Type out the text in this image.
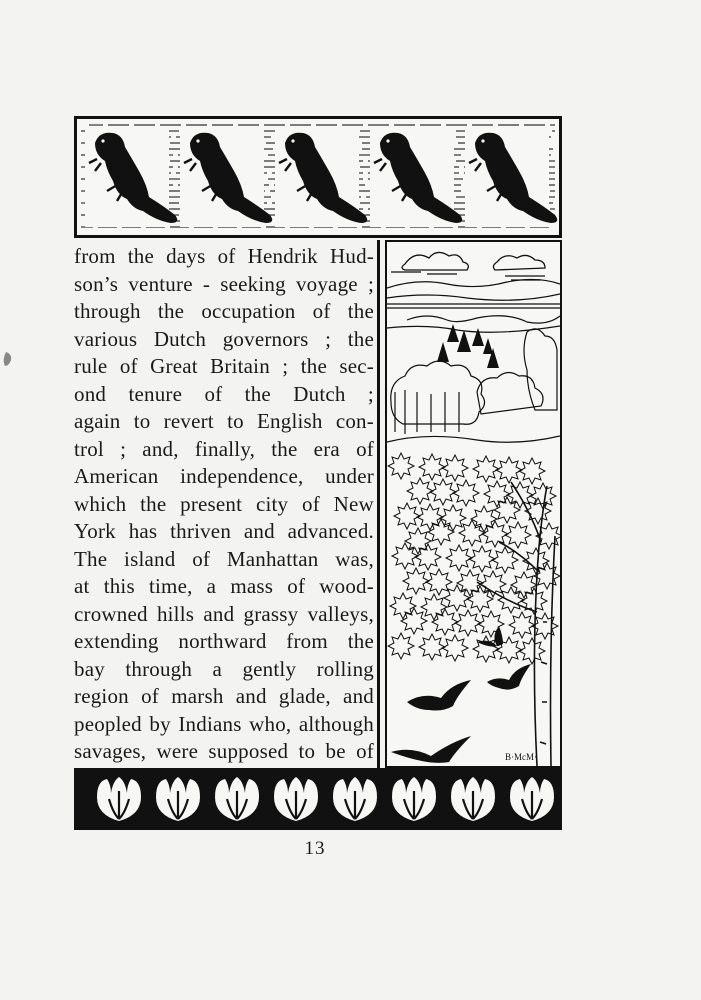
from the days of Hendrik Hud-
son’s venture - seeking voyage ;
through the occupation of the
various Dutch governors ; the
rule of Great Britain ; the sec-
ond tenure of the Dutch ;
again to revert to English con-
trol ; and, finally, the era of
American independence, under
which the present city of New
York has thriven and advanced.
The island of Manhattan was,
at this time, a mass of wood-
crowned hills and grassy valleys,
extending northward from the
bay through a gently rolling
region of marsh and glade, and
peopled by Indians who, although
savages, were supposed to be of	B·McM·
13
